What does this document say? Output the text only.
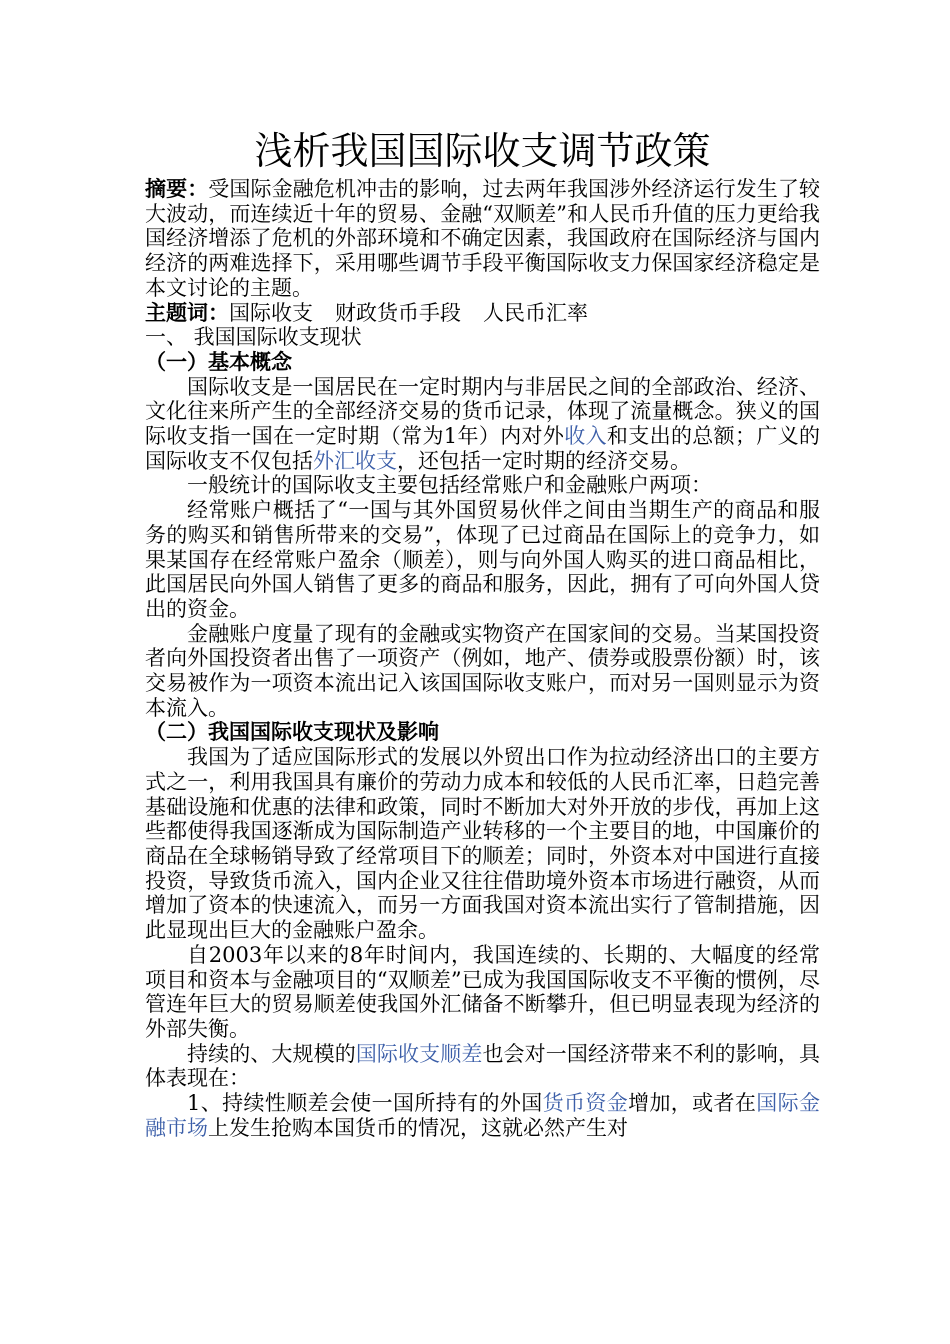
浅析我国国际收支调节政策

摘要：受国际金融危机冲击的影响，过去两年我国涉外经济运行发生了较大波动，而连续近十年的贸易、金融“双顺差”和人民币升值的压力更给我国经济增添了危机的外部环境和不确定因素，我国政府在国际经济与国内经济的两难选择下，采用哪些调节手段平衡国际收支力保国家经济稳定是本文讨论的主题。

主题词：国际收支 财政货币手段 人民币汇率

一、 我国国际收支现状

（一）基本概念

国际收支是一国居民在一定时期内与非居民之间的全部政治、经济、文化往来所产生的全部经济交易的货币记录，体现了流量概念。狭义的国际收支指一国在一定时期（常为1年）内对外收入和支出的总额；广义的国际收支不仅包括外汇收支，还包括一定时期的经济交易。

一般统计的国际收支主要包括经常账户和金融账户两项：

经常账户概括了“一国与其外国贸易伙伴之间由当期生产的商品和服务的购买和销售所带来的交易”，体现了已过商品在国际上的竞争力，如果某国存在经常账户盈余（顺差），则与向外国人购买的进口商品相比，此国居民向外国人销售了更多的商品和服务，因此，拥有了可向外国人贷出的资金。

金融账户度量了现有的金融或实物资产在国家间的交易。当某国投资者向外国投资者出售了一项资产（例如，地产、债券或股票份额）时，该交易被作为一项资本流出记入该国国际收支账户，而对另一国则显示为资本流入。

（二）我国国际收支现状及影响

我国为了适应国际形式的发展以外贸出口作为拉动经济出口的主要方式之一，利用我国具有廉价的劳动力成本和较低的人民币汇率，日趋完善基础设施和优惠的法律和政策，同时不断加大对外开放的步伐，再加上这些都使得我国逐渐成为国际制造产业转移的一个主要目的地，中国廉价的商品在全球畅销导致了经常项目下的顺差；同时，外资本对中国进行直接投资，导致货币流入，国内企业又往往借助境外资本市场进行融资，从而增加了资本的快速流入，而另一方面我国对资本流出实行了管制措施，因此显现出巨大的金融账户盈余。

自2003年以来的8年时间内，我国连续的、长期的、大幅度的经常项目和资本与金融项目的“双顺差”已成为我国国际收支不平衡的惯例，尽管连年巨大的贸易顺差使我国外汇储备不断攀升，但已明显表现为经济的外部失衡。

持续的、大规模的国际收支顺差也会对一国经济带来不利的影响，具体表现在：

1、持续性顺差会使一国所持有的外国货币资金增加，或者在国际金融市场上发生抢购本国货币的情况，这就必然产生对
